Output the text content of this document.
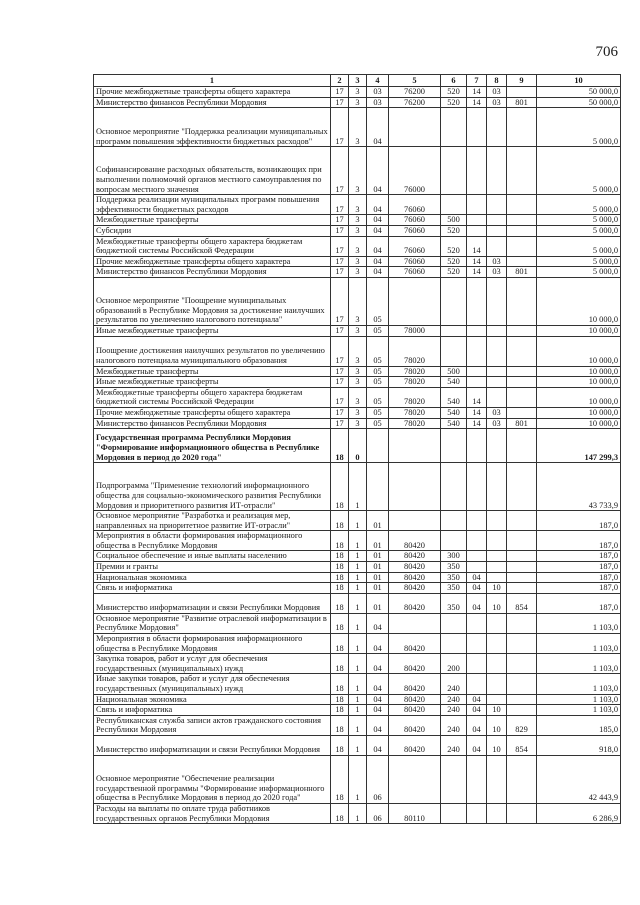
706
1	2	3	4	5	6	7	8	9	10
Прочие межбюджетные трансферты общего характера	17	3	03	76200	520	14	03		50 000,0
Министерство финансов Республики Мордовия	17	3	03	76200	520	14	03	801	50 000,0
Основное мероприятие "Поддержка реализации муниципальных программ повышения эффективности бюджетных расходов"	17	3	04						5 000,0
Софинансирование расходных обязательств, возникающих при выполнении полномочий органов местного самоуправления по вопросам местного значения	17	3	04	76000					5 000,0
Поддержка реализации муниципальных программ повышения эффективности бюджетных расходов	17	3	04	76060					5 000,0
Межбюджетные трансферты	17	3	04	76060	500				5 000,0
Субсидии	17	3	04	76060	520				5 000,0
Межбюджетные трансферты общего характера бюджетам бюджетной системы Российской Федерации	17	3	04	76060	520	14			5 000,0
Прочие межбюджетные трансферты общего характера	17	3	04	76060	520	14	03		5 000,0
Министерство финансов Республики Мордовия	17	3	04	76060	520	14	03	801	5 000,0
Основное мероприятие "Поощрение муниципальных образований в Республике Мордовия за достижение наилучших результатов по увеличению налогового потенциала"	17	3	05						10 000,0
Иные межбюджетные трансферты	17	3	05	78000					10 000,0
Поощрение достижения наилучших результатов по увеличению налогового потенциала муниципального образования	17	3	05	78020					10 000,0
Межбюджетные трансферты	17	3	05	78020	500				10 000,0
Иные межбюджетные трансферты	17	3	05	78020	540				10 000,0
Межбюджетные трансферты общего характера бюджетам бюджетной системы Российской Федерации	17	3	05	78020	540	14			10 000,0
Прочие межбюджетные трансферты общего характера	17	3	05	78020	540	14	03		10 000,0
Министерство финансов Республики Мордовия	17	3	05	78020	540	14	03	801	10 000,0
Государственная программа Республики Мордовия "Формирование информационного общества в Республике Мордовия в период до 2020 года"	18	0							147 299,3
Подпрограмма "Применение технологий информационного общества для социально-экономического развития Республики Мордовия и приоритетного развития ИТ-отрасли"	18	1							43 733,9
Основное мероприятие "Разработка и реализация мер, направленных на приоритетное развитие ИТ-отрасли"	18	1	01						187,0
Мероприятия в области формирования информационного общества в Республике Мордовия	18	1	01	80420					187,0
Социальное обеспечение и иные выплаты населению	18	1	01	80420	300				187,0
Премии и гранты	18	1	01	80420	350				187,0
Национальная экономика	18	1	01	80420	350	04			187,0
Связь и информатика	18	1	01	80420	350	04	10		187,0
Министерство информатизации и связи Республики Мордовия	18	1	01	80420	350	04	10	854	187,0
Основное мероприятие "Развитие отраслевой информатизации в Республике Мордовия"	18	1	04						1 103,0
Мероприятия в области формирования информационного общества в Республике Мордовия	18	1	04	80420					1 103,0
Закупка товаров, работ и услуг для обеспечения государственных (муниципальных) нужд	18	1	04	80420	200				1 103,0
Иные закупки товаров, работ и услуг для обеспечения государственных (муниципальных) нужд	18	1	04	80420	240				1 103,0
Национальная экономика	18	1	04	80420	240	04			1 103,0
Связь и информатика	18	1	04	80420	240	04	10		1 103,0
Республиканская служба записи актов гражданского состояния Республики Мордовия	18	1	04	80420	240	04	10	829	185,0
Министерство информатизации и связи Республики Мордовия	18	1	04	80420	240	04	10	854	918,0
Основное мероприятие "Обеспечение реализации государственной программы "Формирование информационного общества в Республике Мордовия в период до 2020 года"	18	1	06						42 443,9
Расходы на выплаты по оплате труда работников государственных органов Республики Мордовия	18	1	06	80110					6 286,9
